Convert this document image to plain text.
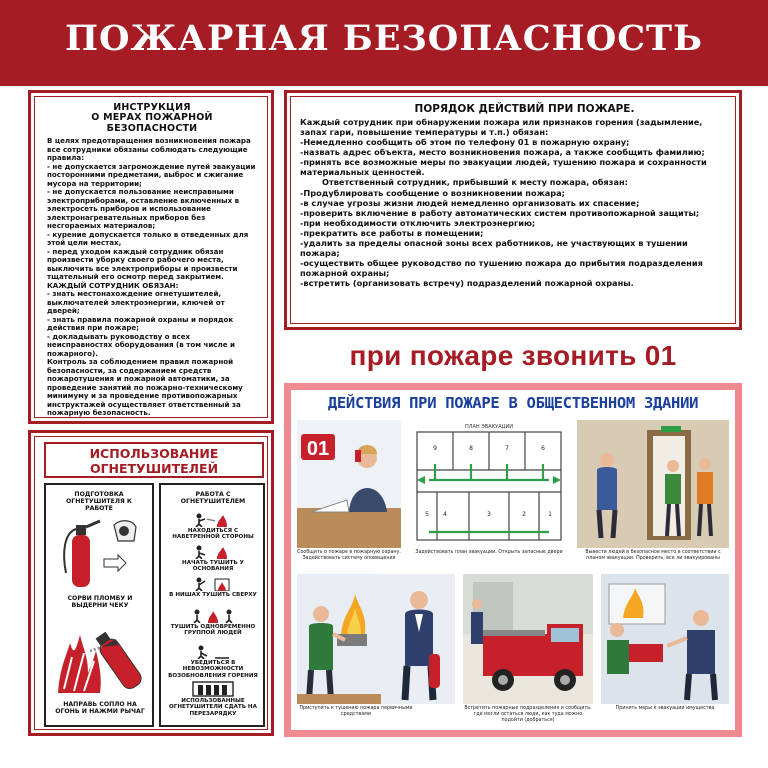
ПОЖАРНАЯ БЕЗОПАСНОСТЬ
ИНСТРУКЦИЯ
О МЕРАХ ПОЖАРНОЙ БЕЗОПАСНОСТИ
В целях предотвращения возникновения пожара все сотрудники обязаны соблюдать следующие правила:
- не допускается загромождение путей эвакуации посторонними предметами, выброс и сжигание мусора на территории;
- не допускается пользование неисправными электроприборами, оставление включенных в электросеть приборов и использование электронагревательных приборов без несгораемых материалов;
- курение допускается только в отведенных для этой цели местах,
- перед уходом каждый сотрудник обязан произвести уборку своего рабочего места, выключить все электроприборы и произвести тщательный его осмотр перед закрытием.
КАЖДЫЙ СОТРУДНИК ОБЯЗАН:
- знать местонахождение огнетушителей, выключателей электроэнергии, ключей от дверей;
- знать правила пожарной охраны и порядок действия при пожаре;
- докладывать руководству о всех неисправностях оборудования (в том числе и пожарного).
Контроль за соблюдением правил пожарной безопасности, за содержанием средств пожаротушения и пожарной автоматики, за проведение занятий по пожарно-техническому минимуму и за проведение противопожарных инструктажей осуществляет ответственный за пожарную безопасность.
ПОРЯДОК ДЕЙСТВИЙ ПРИ ПОЖАРЕ.
Каждый сотрудник при обнаружении пожара или признаков горения (задымление, запах гари, повышение температуры и т.п.) обязан:
-Немедленно сообщить об этом по телефону 01 в пожарную охрану;
-назвать адрес объекта, место возникновения пожара, а также сообщить фамилию;
-принять все возможные меры по эвакуации людей, тушению пожара и сохранности материальных ценностей.
Ответственный сотрудник, прибывший к месту пожара, обязан:
-Продублировать сообщение о возникновении пожара;
-в случае угрозы жизни людей немедленно организовать их спасение;
-проверить включение в работу автоматических систем противопожарной защиты;
-при необходимости отключить электроэнергию;
-прекратить все работы в помещении;
-удалить за пределы опасной зоны всех работников, не участвующих в тушении пожара;
-осуществить общее руководство по тушению пожара до прибытия подразделения пожарной охраны;
-встретить (организовать встречу) подразделений пожарной охраны.
при пожаре звонить 01
ИСПОЛЬЗОВАНИЕ
ОГНЕТУШИТЕЛЕЙ
ПОДГОТОВКА ОГНЕТУШИТЕЛЯ К РАБОТЕ
СОРВИ ПЛОМБУ И ВЫДЕРНИ ЧЕКУ
НАПРАВЬ СОПЛО НА ОГОНЬ И НАЖМИ РЫЧАГ
РАБОТА С ОГНЕТУШИТЕЛЕМ
НАХОДИТЬСЯ С НАВЕТРЕННОЙ СТОРОНЫ
НАЧАТЬ ТУШИТЬ У ОСНОВАНИЯ
В НИШАХ ТУШИТЬ СВЕРХУ
ТУШИТЬ ОДНОВРЕМЕННО ГРУППОЙ ЛЮДЕЙ
УБЕДИТЬСЯ В НЕВОЗМОЖНОСТИ ВОЗОБНОВЛЕНИЯ ГОРЕНИЯ
ИСПОЛЬЗОВАННЫЕ ОГНЕТУШИТЕЛИ СДАТЬ НА ПЕРЕЗАРЯДКУ
ДЕЙСТВИЯ ПРИ ПОЖАРЕ В ОБЩЕСТВЕННОМ ЗДАНИИ
01
Сообщить о пожаре в пожарную охрану. Задействовать систему оповещения
ПЛАН ЭВАКУАЦИИ
9	8	7	6
5 4	3	2	1
Задействовать план эвакуации. Открыть запасные двери	Вывести людей в безопасное место в соответствии с планом эвакуации. Проверить, все ли эвакуированы
Приступить к тушению пожара первичными средствами
Встретить пожарные подразделения и сообщить, где могли остаться люди, как туда можно подойти (добраться)
Принять меры к эвакуации имущества
